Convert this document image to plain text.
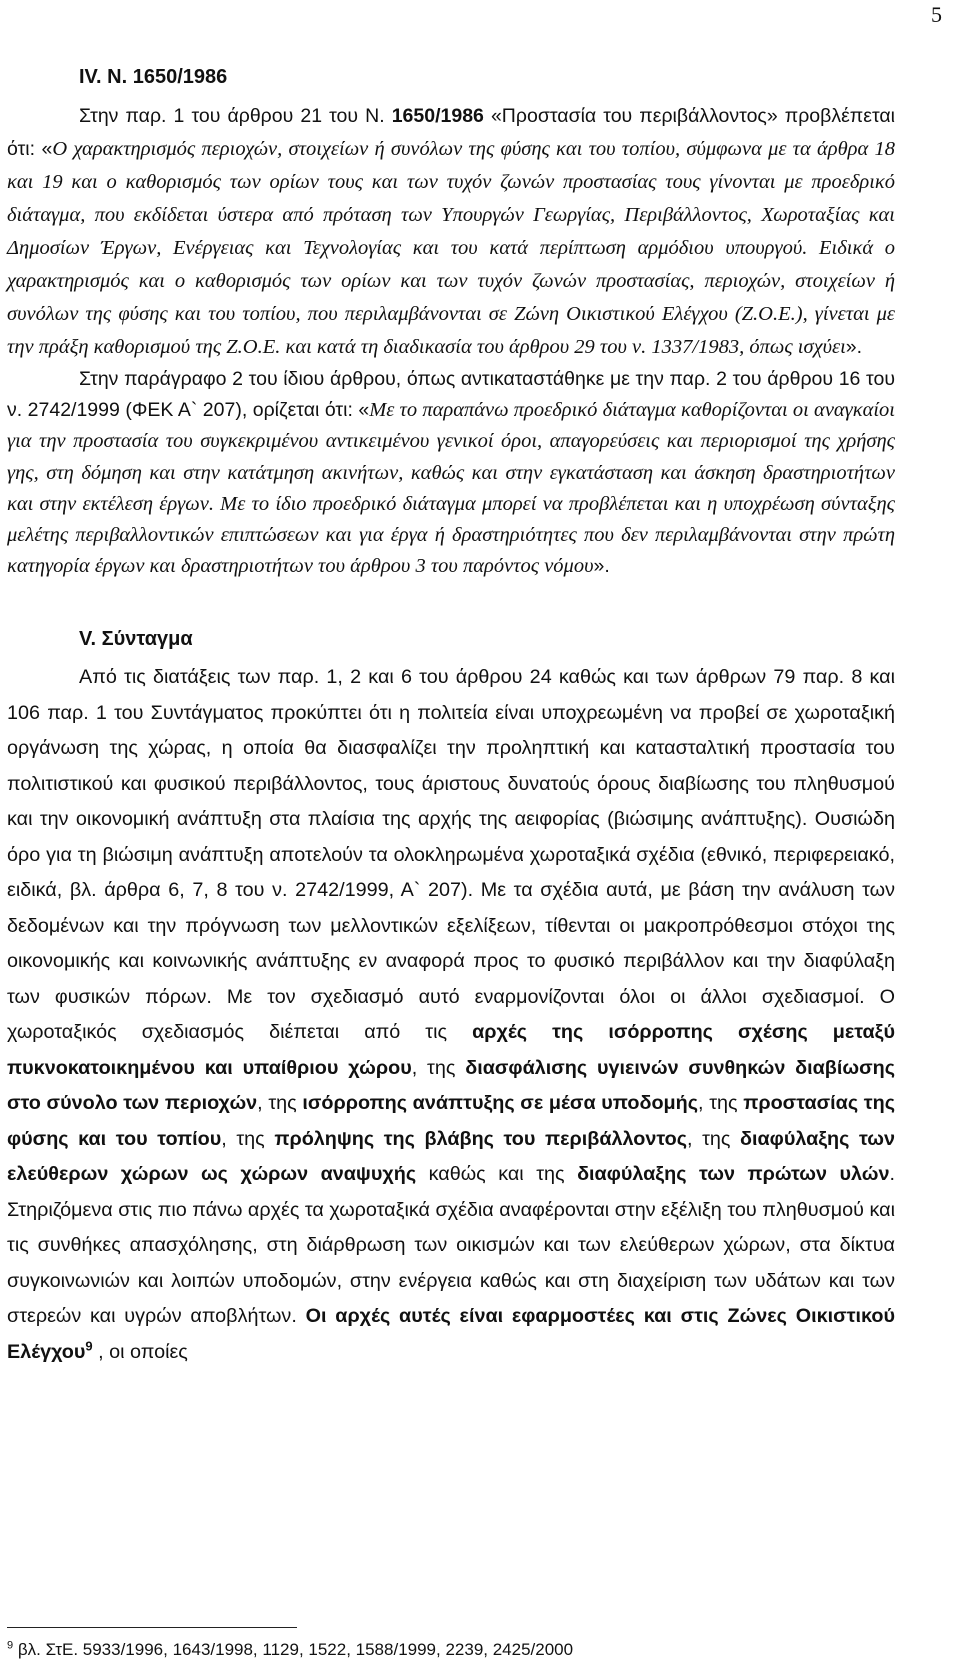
5
IV. Ν. 1650/1986

Στην παρ. 1 του άρθρου 21 του Ν. 1650/1986 «Προστασία του περιβάλλοντος» προβλέπεται ότι: «Ο χαρακτηρισμός περιοχών, στοιχείων ή συνόλων της φύσης και του τοπίου, σύμφωνα με τα άρθρα 18 και 19 και ο καθορισμός των ορίων τους και των τυχόν ζωνών προστασίας τους γίνονται με προεδρικό διάταγμα, που εκδίδεται ύστερα από πρόταση των Υπουργών Γεωργίας, Περιβάλλοντος, Χωροταξίας και Δημοσίων Έργων, Ενέργειας και Τεχνολογίας και του κατά περίπτωση αρμόδιου υπουργού. Ειδικά ο χαρακτηρισμός και ο καθορισμός των ορίων και των τυχόν ζωνών προστασίας, περιοχών, στοιχείων ή συνόλων της φύσης και του τοπίου, που περιλαμβάνονται σε Ζώνη Οικιστικού Ελέγχου (Ζ.Ο.Ε.), γίνεται με την πράξη καθορισμού της Ζ.Ο.Ε. και κατά τη διαδικασία του άρθρου 29 του ν. 1337/1983, όπως ισχύει».

Στην παράγραφο 2 του ίδιου άρθρου, όπως αντικαταστάθηκε με την παρ. 2 του άρθρου 16 του ν. 2742/1999 (ΦΕΚ Α` 207), ορίζεται ότι: «Με το παραπάνω προεδρικό διάταγμα καθορίζονται οι αναγκαίοι για την προστασία του συγκεκριμένου αντικειμένου γενικοί όροι, απαγορεύσεις και περιορισμοί της χρήσης γης, στη δόμηση και στην κατάτμηση ακινήτων, καθώς και στην εγκατάσταση και άσκηση δραστηριοτήτων και στην εκτέλεση έργων. Με το ίδιο προεδρικό διάταγμα μπορεί να προβλέπεται και η υποχρέωση σύνταξης μελέτης περιβαλλοντικών επιπτώσεων και για έργα ή δραστηριότητες που δεν περιλαμβάνονται στην πρώτη κατηγορία έργων και δραστηριοτήτων του άρθρου 3 του παρόντος νόμου».

V. Σύνταγμα

Από τις διατάξεις των παρ. 1, 2 και 6 του άρθρου 24 καθώς και των άρθρων 79 παρ. 8 και 106 παρ. 1 του Συντάγματος προκύπτει ότι η πολιτεία είναι υποχρεωμένη να προβεί σε χωροταξική οργάνωση της χώρας, η οποία θα διασφαλίζει την προληπτική και κατασταλτική προστασία του πολιτιστικού και φυσικού περιβάλλοντος, τους άριστους δυνατούς όρους διαβίωσης του πληθυσμού και την οικονομική ανάπτυξη στα πλαίσια της αρχής της αειφορίας (βιώσιμης ανάπτυξης). Ουσιώδη όρο για τη βιώσιμη ανάπτυξη αποτελούν τα ολοκληρωμένα χωροταξικά σχέδια (εθνικό, περιφερειακό, ειδικά, βλ. άρθρα 6, 7, 8 του ν. 2742/1999, Α` 207). Με τα σχέδια αυτά, με βάση την ανάλυση των δεδομένων και την πρόγνωση των μελλοντικών εξελίξεων, τίθενται οι μακροπρόθεσμοι στόχοι της οικονομικής και κοινωνικής ανάπτυξης εν αναφορά προς το φυσικό περιβάλλον και την διαφύλαξη των φυσικών πόρων. Με τον σχεδιασμό αυτό εναρμονίζονται όλοι οι άλλοι σχεδιασμοί. Ο χωροταξικός σχεδιασμός διέπεται από τις αρχές της ισόρροπης σχέσης μεταξύ πυκνοκατοικημένου και υπαίθριου χώρου, της διασφάλισης υγιεινών συνθηκών διαβίωσης στο σύνολο των περιοχών, της ισόρροπης ανάπτυξης σε μέσα υποδομής, της προστασίας της φύσης και του τοπίου, της πρόληψης της βλάβης του περιβάλλοντος, της διαφύλαξης των ελεύθερων χώρων ως χώρων αναψυχής καθώς και της διαφύλαξης των πρώτων υλών. Στηριζόμενα στις πιο πάνω αρχές τα χωροταξικά σχέδια αναφέρονται στην εξέλιξη του πληθυσμού και τις συνθήκες απασχόλησης, στη διάρθρωση των οικισμών και των ελεύθερων χώρων, στα δίκτυα συγκοινωνιών και λοιπών υποδομών, στην ενέργεια καθώς και στη διαχείριση των υδάτων και των στερεών και υγρών αποβλήτων. Οι αρχές αυτές είναι εφαρμοστέες και στις Ζώνες Οικιστικού Ελέγχου$^9$ , οι οποίες

$^9$ βλ. ΣτΕ. 5933/1996, 1643/1998, 1129, 1522, 1588/1999, 2239, 2425/2000
